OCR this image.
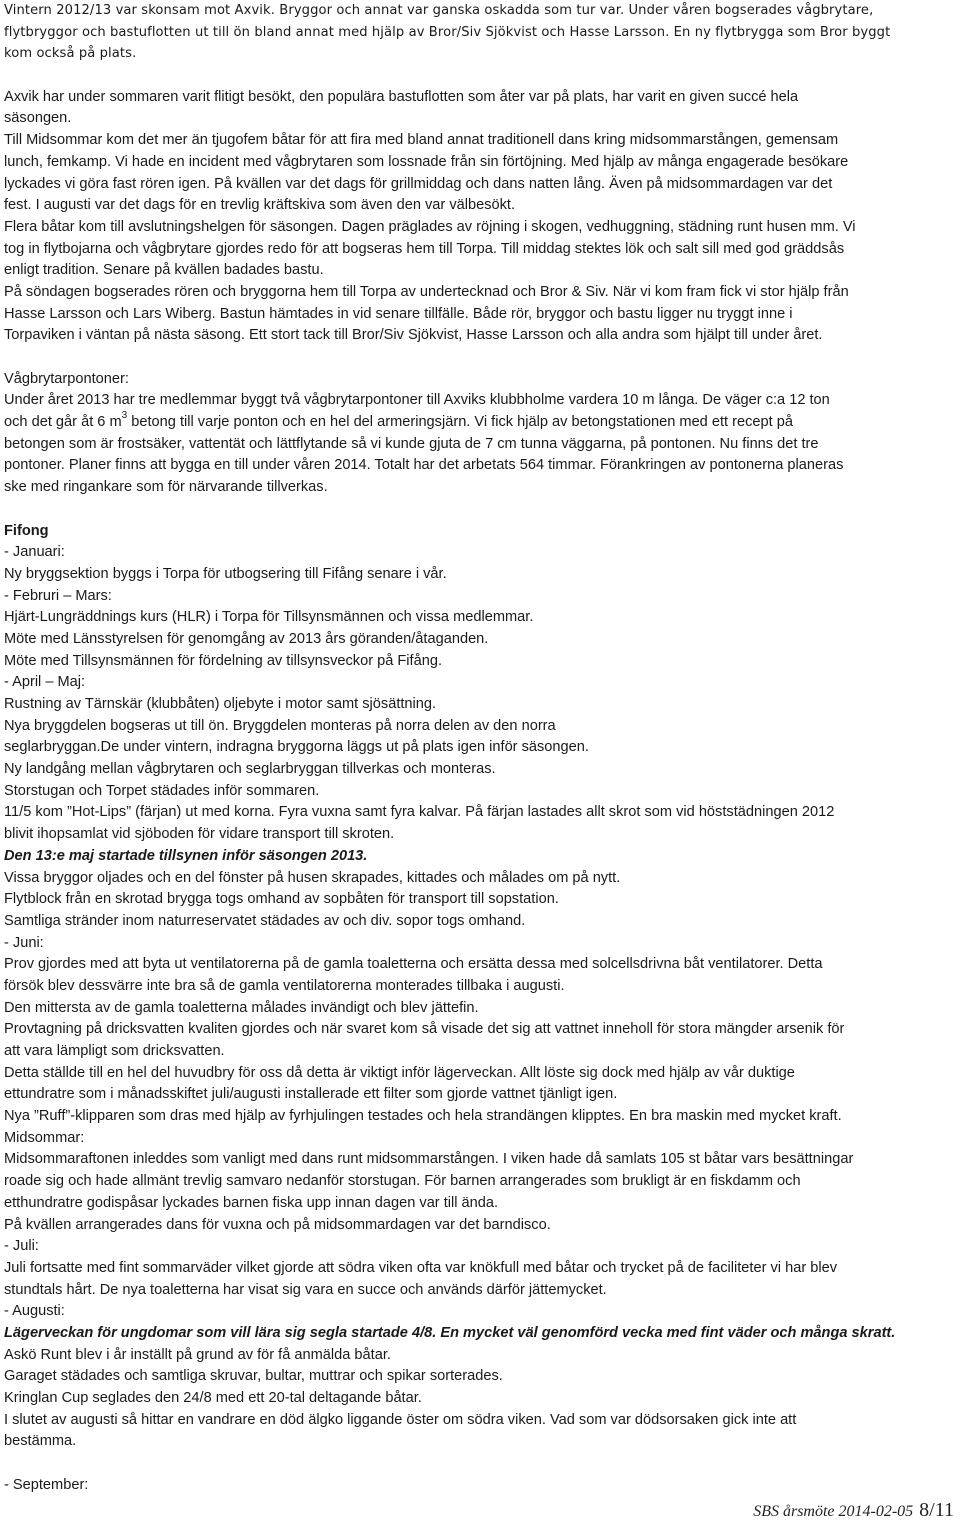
Vintern 2012/13 var skonsam mot Axvik. Bryggor och annat var ganska oskadda som tur var. Under våren bogserades vågbrytare,
flytbryggor och bastuflotten ut till ön bland annat med hjälp av Bror/Siv Sjökvist och Hasse Larsson. En ny flytbrygga som Bror byggt
kom också på plats.
Axvik har under sommaren varit flitigt besökt, den populära bastuflotten som åter var på plats, har varit en given succé hela
säsongen.
Till Midsommar kom det mer än tjugofem båtar för att fira med bland annat traditionell dans kring midsommarstången, gemensam
lunch, femkamp. Vi hade en incident med vågbrytaren som lossnade från sin förtöjning. Med hjälp av många engagerade besökare
lyckades vi göra fast rören igen. På kvällen var det dags för grillmiddag och dans natten lång. Även på midsommardagen var det
fest. I augusti var det dags för en trevlig kräftskiva som även den var välbesökt.
Flera båtar kom till avslutningshelgen för säsongen. Dagen präglades av röjning i skogen, vedhuggning, städning runt husen mm. Vi
tog in flytbojarna och vågbrytare gjordes redo för att bogseras hem till Torpa. Till middag stektes lök och salt sill med god gräddsås
enligt tradition. Senare på kvällen badades bastu.
På söndagen bogserades rören och bryggorna hem till Torpa av undertecknad och Bror & Siv. När vi kom fram fick vi stor hjälp från
Hasse Larsson och Lars Wiberg. Bastun hämtades in vid senare tillfälle. Både rör, bryggor och bastu ligger nu tryggt inne i
Torpaviken i väntan på nästa säsong. Ett stort tack till Bror/Siv Sjökvist, Hasse Larsson och alla andra som hjälpt till under året.
Vågbrytarpontoner:
Under året 2013 har tre medlemmar byggt två vågbrytarpontoner till Axviks klubbholme vardera 10 m långa. De väger c:a 12 ton
och det går åt 6 $m^3$ betong till varje ponton och en hel del armeringsjärn. Vi fick hjälp av betongstationen med ett recept på
betongen som är frostsäker, vattentät och lättflytande så vi kunde gjuta de 7 cm tunna väggarna, på pontonen. Nu finns det tre
pontoner. Planer finns att bygga en till under våren 2014. Totalt har det arbetats 564 timmar. Förankringen av pontonerna planeras
ske med ringankare som för närvarande tillverkas.
Fifong
- Januari:
Ny bryggsektion byggs i Torpa för utbogsering till Fifång senare i vår.
- Februri – Mars:
Hjärt-Lungräddnings kurs (HLR) i Torpa för Tillsynsmännen och vissa medlemmar.
Möte med Länsstyrelsen för genomgång av 2013 års göranden/åtaganden.
Möte med Tillsynsmännen för fördelning av tillsynsveckor på Fifång.
- April – Maj:
Rustning av Tärnskär (klubbåten) oljebyte i motor samt sjösättning.
Nya bryggdelen bogseras ut till ön. Bryggdelen monteras på norra delen av den norra
seglarbryggan.De under vintern, indragna bryggorna läggs ut på plats igen inför säsongen.
Ny landgång mellan vågbrytaren och seglarbryggan tillverkas och monteras.
Storstugan och Torpet städades inför sommaren.
11/5 kom ”Hot-Lips” (färjan) ut med korna. Fyra vuxna samt fyra kalvar. På färjan lastades allt skrot som vid höststädningen 2012
blivit ihopsamlat vid sjöboden för vidare transport till skroten.
Den 13:e maj startade tillsynen inför säsongen 2013.
Vissa bryggor oljades och en del fönster på husen skrapades, kittades och målades om på nytt.
Flytblock från en skrotad brygga togs omhand av sopbåten för transport till sopstation.
Samtliga stränder inom naturreservatet städades av och div. sopor togs omhand.
- Juni:
Prov gjordes med att byta ut ventilatorerna på de gamla toaletterna och ersätta dessa med solcellsdrivna båt ventilatorer. Detta
försök blev dessvärre inte bra så de gamla ventilatorerna monterades tillbaka i augusti.
Den mittersta av de gamla toaletterna målades invändigt och blev jättefin.
Provtagning på dricksvatten kvaliten gjordes och när svaret kom så visade det sig att vattnet inneholl för stora mängder arsenik för
att vara lämpligt som dricksvatten.
Detta ställde till en hel del huvudbry för oss då detta är viktigt inför lägerveckan. Allt löste sig dock med hjälp av vår duktige
ettundratre som i månadsskiftet juli/augusti installerade ett filter som gjorde vattnet tjänligt igen.
Nya ”Ruff”-klipparen som dras med hjälp av fyrhjulingen testades och hela strandängen klipptes. En bra maskin med mycket kraft.
Midsommar:
Midsommaraftonen inleddes som vanligt med dans runt midsommarstången. I viken hade då samlats 105 st båtar vars besättningar
roade sig och hade allmänt trevlig samvaro nedanför storstugan. För barnen arrangerades som brukligt är en fiskdamm och
etthundratre godispåsar lyckades barnen fiska upp innan dagen var till ända.
På kvällen arrangerades dans för vuxna och på midsommardagen var det barndisco.
- Juli:
Juli fortsatte med fint sommarväder vilket gjorde att södra viken ofta var knökfull med båtar och trycket på de faciliteter vi har blev
stundtals hårt. De nya toaletterna har visat sig vara en succe och används därför jättemycket.
- Augusti:
Lägerveckan för ungdomar som vill lära sig segla startade 4/8. En mycket väl genomförd vecka med fint väder och många skratt.
Askö Runt blev i år inställt på grund av för få anmälda båtar.
Garaget städades och samtliga skruvar, bultar, muttrar och spikar sorterades.
Kringlan Cup seglades den 24/8 med ett 20-tal deltagande båtar.
I slutet av augusti så hittar en vandrare en död älgko liggande öster om södra viken. Vad som var dödsorsaken gick inte att
bestämma.
- September:
SBS årsmöte 2014-02-05 8/11
